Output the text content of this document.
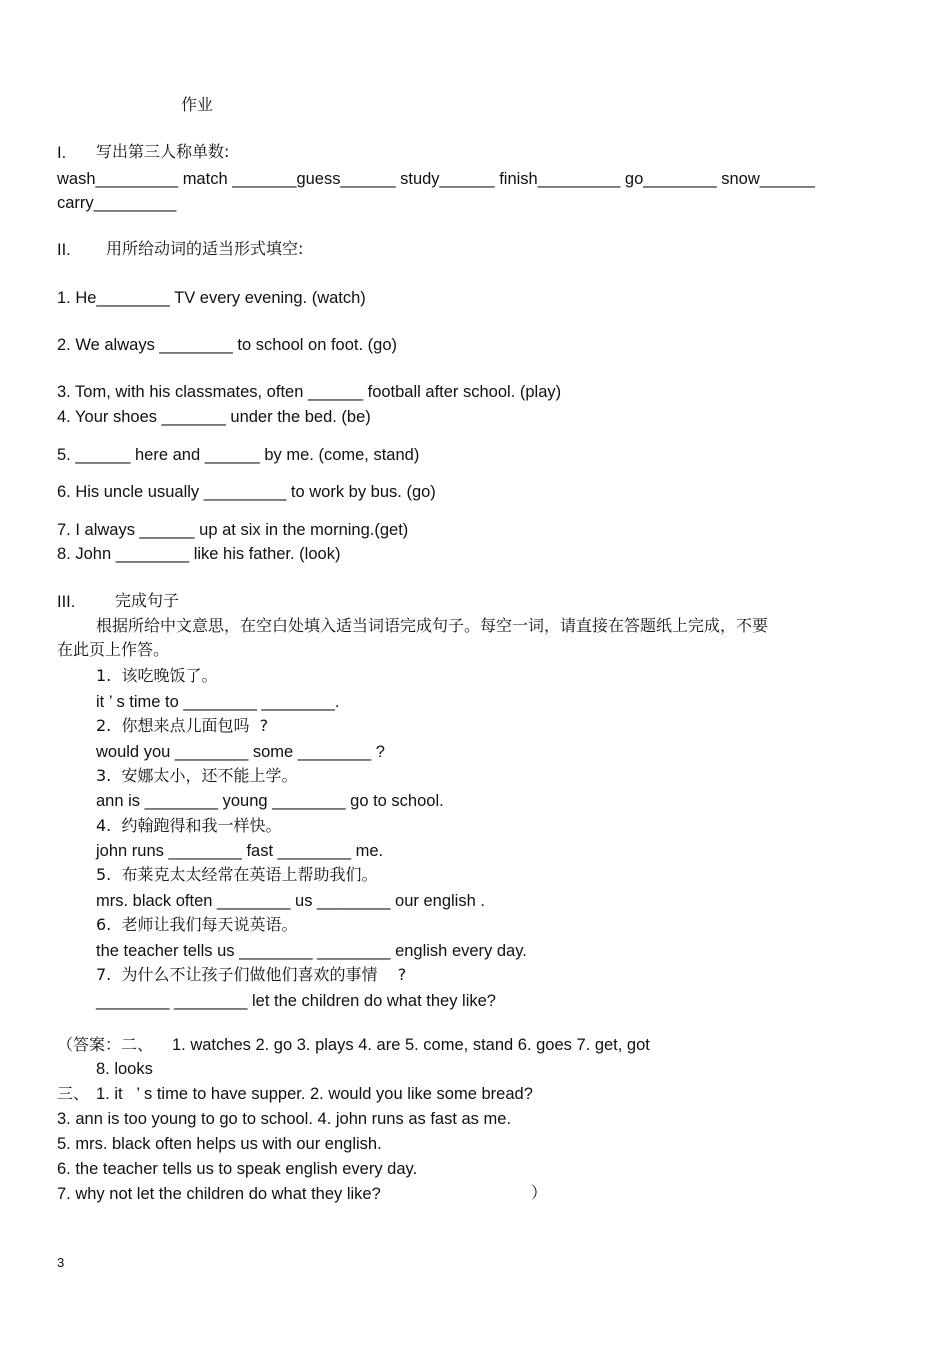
作业
I. 写出第三人称单数:
wash_________ match _______guess______ study______ finish_________ go________ snow______
carry_________
II. 用所给动词的适当形式填空:
1. He________ TV every evening. (watch)
2. We always ________ to school on foot. (go)
3. Tom, with his classmates, often ______ football after school. (play)
4. Your shoes _______ under the bed. (be)
5. ______ here and ______ by me. (come, stand)
6. His uncle usually _________ to work by bus. (go)
7. I always ______ up at six in the morning.(get)
8. John ________ like his father. (look)
III. 完成句子
根据所给中文意思，在空白处填入适当词语完成句子。每空一词，请直接在答题纸上完成，不要
在此页上作答。
1.  该吃晚饭了。
it ’ s time to ________ ________.
2.  你想来点儿面包吗  ?
would you ________ some ________ ?
3.  安娜太小，还不能上学。
ann is ________ young ________ go to school.
4.  约翰跑得和我一样快。
john runs ________ fast ________ me.
5.  布莱克太太经常在英语上帮助我们。
mrs. black often ________ us ________ our english .
6.  老师让我们每天说英语。
the teacher tells us ________ ________ english every day.
7.  为什么不让孩子们做他们喜欢的事情    ?
________ ________ let the children do what they like?
（答案：二、 1. watches 2. go 3. plays 4. are 5. come, stand 6. goes 7. get, got
8. looks
三、 1. it   ’ s time to have supper. 2. would you like some bread?
3. ann is too young to go to school. 4. john runs as fast as me.
5. mrs. black often helps us with our english.
6. the teacher tells us to speak english every day.
7. why not let the children do what they like?	）
3
